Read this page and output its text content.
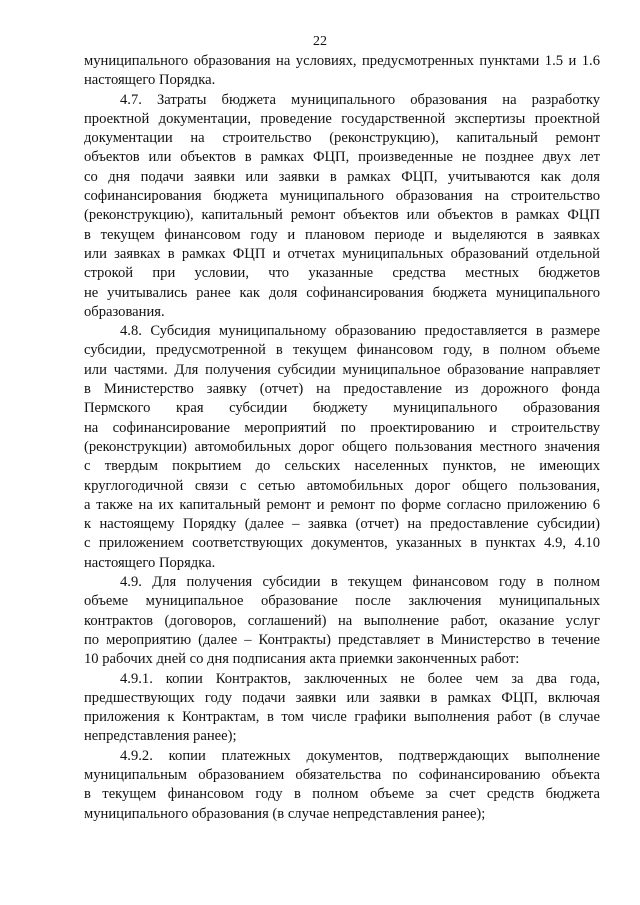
22
муниципального образования на условиях, предусмотренных пунктами 1.5 и 1.6
настоящего Порядка.
4.7. Затраты бюджета муниципального образования на разработку
проектной документации, проведение государственной экспертизы проектной
документации на строительство (реконструкцию), капитальный ремонт
объектов или объектов в рамках ФЦП, произведенные не позднее двух лет
со дня подачи заявки или заявки в рамках ФЦП, учитываются как доля
софинансирования бюджета муниципального образования на строительство
(реконструкцию), капитальный ремонт объектов или объектов в рамках ФЦП
в текущем финансовом году и плановом периоде и выделяются в заявках
или заявках в рамках ФЦП и отчетах муниципальных образований отдельной
строкой при условии, что указанные средства местных бюджетов
не учитывались ранее как доля софинансирования бюджета муниципального
образования.
4.8. Субсидия муниципальному образованию предоставляется в размере
субсидии, предусмотренной в текущем финансовом году, в полном объеме
или частями. Для получения субсидии муниципальное образование направляет
в Министерство заявку (отчет) на предоставление из дорожного фонда
Пермского края субсидии бюджету муниципального образования
на софинансирование мероприятий по проектированию и строительству
(реконструкции) автомобильных дорог общего пользования местного значения
с твердым покрытием до сельских населенных пунктов, не имеющих
круглогодичной связи с сетью автомобильных дорог общего пользования,
а также на их капитальный ремонт и ремонт по форме согласно приложению 6
к настоящему Порядку (далее – заявка (отчет) на предоставление субсидии)
с приложением соответствующих документов, указанных в пунктах 4.9, 4.10
настоящего Порядка.
4.9. Для получения субсидии в текущем финансовом году в полном
объеме муниципальное образование после заключения муниципальных
контрактов (договоров, соглашений) на выполнение работ, оказание услуг
по мероприятию (далее – Контракты) представляет в Министерство в течение
10 рабочих дней со дня подписания акта приемки законченных работ:
4.9.1. копии Контрактов, заключенных не более чем за два года,
предшествующих году подачи заявки или заявки в рамках ФЦП, включая
приложения к Контрактам, в том числе графики выполнения работ (в случае
непредставления ранее);
4.9.2. копии платежных документов, подтверждающих выполнение
муниципальным образованием обязательства по софинансированию объекта
в текущем финансовом году в полном объеме за счет средств бюджета
муниципального образования (в случае непредставления ранее);
